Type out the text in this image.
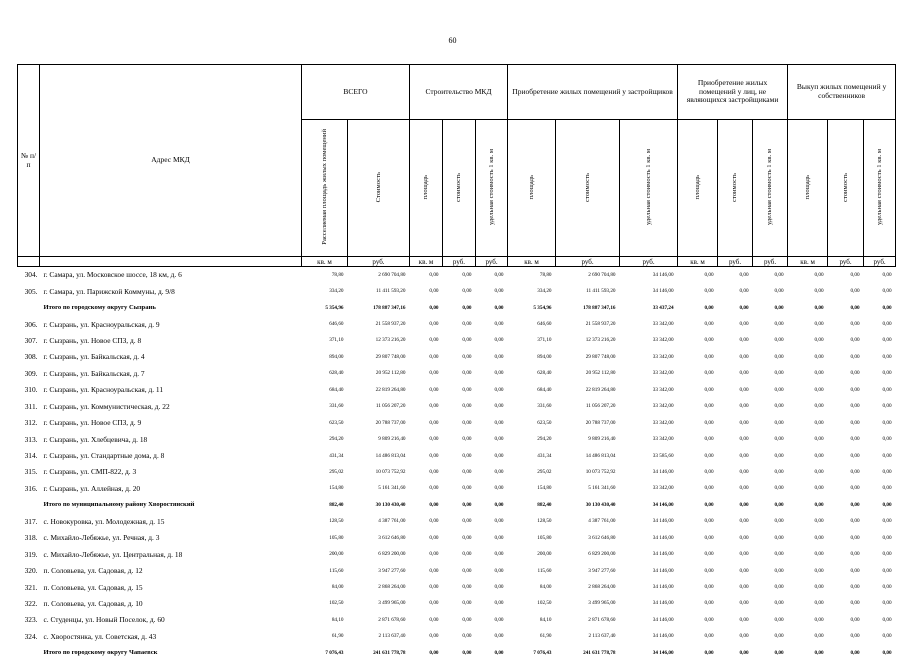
60
№ п/п	Адрес МКД	ВСЕГО		Строительство МКД			Приобретение жилых помещений у застройщиков			Приобретение жилых помещений у лиц, не являющихся застройщиками			Выкуп жилых помещений у собственников		
		Расселяемая площадь жилых помещений	Стоимость	площадь	стоимость	удельная стоимость 1 кв. м	площадь	стоимость	удельная стоимость 1 кв. м	площадь	стоимость	удельная стоимость 1 кв. м	площадь	стоимость	удельная стоимость 1 кв. м
		кв. м	руб.	кв. м	руб.	руб.	кв. м	руб.	руб.	кв. м	руб.	руб.	кв. м	руб.	руб.
304.	г. Самара, ул. Московское шоссе, 18 км, д. 6	78,80	2 690 704,80	0,00	0,00	0,00	78,80	2 690 704,80	34 146,00	0,00	0,00	0,00	0,00	0,00	0,00
305.	г. Самара, ул. Парижской Коммуны, д. 9/8	334,20	11 411 593,20	0,00	0,00	0,00	334,20	11 411 593,20	34 146,00	0,00	0,00	0,00	0,00	0,00	0,00
	Итого по городскому округу Сызрань	5 354,96	178 887 347,16	0,00	0,00	0,00	5 354,96	178 887 347,16	33 437,24	0,00	0,00	0,00	0,00	0,00	0,00
306.	г. Сызрань, ул. Красноуральская, д. 9	646,60	21 558 937,20	0,00	0,00	0,00	646,60	21 558 937,20	33 342,00	0,00	0,00	0,00	0,00	0,00	0,00
307.	г. Сызрань, ул. Новое СПЗ, д. 8	371,10	12 373 216,20	0,00	0,00	0,00	371,10	12 373 216,20	33 342,00	0,00	0,00	0,00	0,00	0,00	0,00
308.	г. Сызрань, ул. Байкальская, д. 4	894,00	29 807 748,00	0,00	0,00	0,00	894,00	29 807 748,00	33 342,00	0,00	0,00	0,00	0,00	0,00	0,00
309.	г. Сызрань, ул. Байкальская, д. 7	628,40	20 952 112,80	0,00	0,00	0,00	628,40	20 952 112,80	33 342,00	0,00	0,00	0,00	0,00	0,00	0,00
310.	г. Сызрань, ул. Красноуральская, д. 11	684,40	22 819 264,80	0,00	0,00	0,00	684,40	22 819 264,80	33 342,00	0,00	0,00	0,00	0,00	0,00	0,00
311.	г. Сызрань, ул. Коммунистическая, д. 22	331,60	11 056 207,20	0,00	0,00	0,00	331,60	11 056 207,20	33 342,00	0,00	0,00	0,00	0,00	0,00	0,00
312.	г. Сызрань, ул. Новое СПЗ, д. 9	623,50	20 788 737,00	0,00	0,00	0,00	623,50	20 788 737,00	33 342,00	0,00	0,00	0,00	0,00	0,00	0,00
313.	г. Сызрань, ул. Хлебцевича, д. 18	294,20	9 809 216,40	0,00	0,00	0,00	294,20	9 809 216,40	33 342,00	0,00	0,00	0,00	0,00	0,00	0,00
314.	г. Сызрань, ул. Стандартные дома, д. 8	431,34	14 486 813,04	0,00	0,00	0,00	431,34	14 486 813,04	33 585,60	0,00	0,00	0,00	0,00	0,00	0,00
315.	г. Сызрань, ул. СМП-822, д. 3	295,02	10 073 752,92	0,00	0,00	0,00	295,02	10 073 752,92	34 146,00	0,00	0,00	0,00	0,00	0,00	0,00
316.	г. Сызрань, ул. Аллейная, д. 20	154,80	5 161 341,60	0,00	0,00	0,00	154,80	5 161 341,60	33 342,00	0,00	0,00	0,00	0,00	0,00	0,00
	Итого по муниципальному району Хворостянский	882,40	30 130 430,40	0,00	0,00	0,00	882,40	30 130 430,40	34 146,00	0,00	0,00	0,00	0,00	0,00	0,00
317.	с. Новокуровка, ул. Молодежная, д. 15	128,50	4 387 761,00	0,00	0,00	0,00	128,50	4 387 761,00	34 146,00	0,00	0,00	0,00	0,00	0,00	0,00
318.	с. Михайло-Лебяжье, ул. Речная, д. 3	105,80	3 612 646,80	0,00	0,00	0,00	105,80	3 612 646,80	34 146,00	0,00	0,00	0,00	0,00	0,00	0,00
319.	с. Михайло-Лебяжье, ул. Центральная, д. 18	200,00	6 829 200,00	0,00	0,00	0,00	200,00	6 829 200,00	34 146,00	0,00	0,00	0,00	0,00	0,00	0,00
320.	п. Соловьева, ул. Садовая, д. 12	115,60	3 947 277,60	0,00	0,00	0,00	115,60	3 947 277,60	34 146,00	0,00	0,00	0,00	0,00	0,00	0,00
321.	п. Соловьева, ул. Садовая, д. 15	84,00	2 868 264,00	0,00	0,00	0,00	84,00	2 868 264,00	34 146,00	0,00	0,00	0,00	0,00	0,00	0,00
322.	п. Соловьева, ул. Садовая, д. 10	102,50	3 499 965,00	0,00	0,00	0,00	102,50	3 499 965,00	34 146,00	0,00	0,00	0,00	0,00	0,00	0,00
323.	с. Студенцы, ул. Новый Поселок, д. 60	84,10	2 871 678,60	0,00	0,00	0,00	84,10	2 871 678,60	34 146,00	0,00	0,00	0,00	0,00	0,00	0,00
324.	с. Хворостянка, ул. Советская, д. 43	61,90	2 113 637,40	0,00	0,00	0,00	61,90	2 113 637,40	34 146,00	0,00	0,00	0,00	0,00	0,00	0,00
	Итого по городскому округу Чапаевск	7 076,43	241 631 778,78	0,00	0,00	0,00	7 076,43	241 631 778,78	34 146,00	0,00	0,00	0,00	0,00	0,00	0,00
